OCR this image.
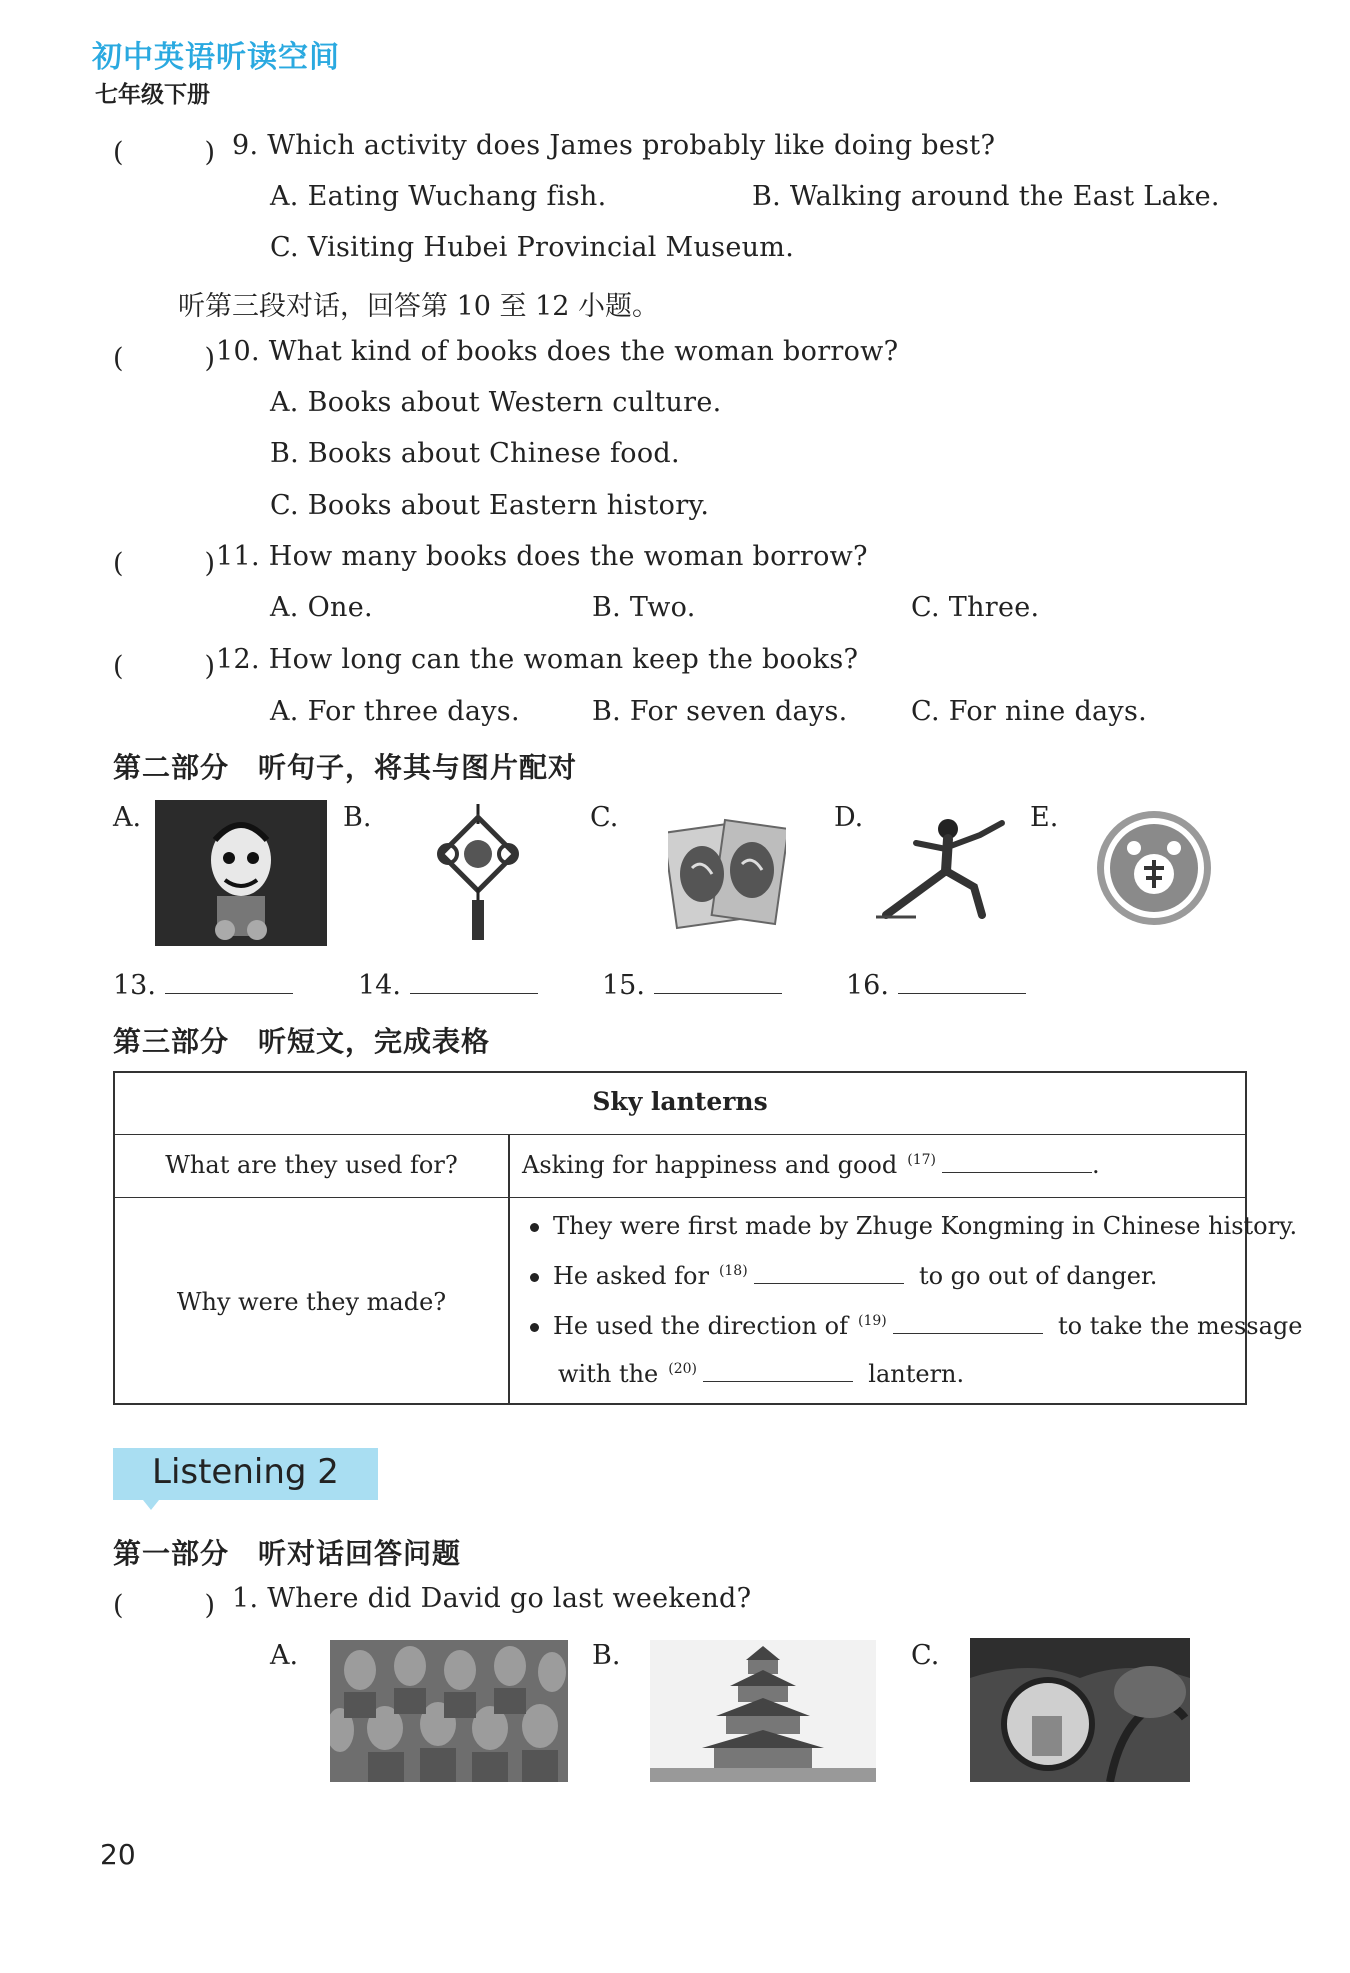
初中英语听读空间
七年级下册
(　　　) 9. Which activity does James probably like doing best?
A. Eating Wuchang fish.	B. Walking around the East Lake.
C. Visiting Hubei Provincial Museum.
听第三段对话，回答第 10 至 12 小题。
(　　　) 10. What kind of books does the woman borrow?
A. Books about Western culture.
B. Books about Chinese food.
C. Books about Eastern history.
(　　　) 11. How many books does the woman borrow?
A. One.	B. Two.	C. Three.
(　　　) 12. How long can the woman keep the books?
A. For three days.	B. For seven days. C. For nine days.
第二部分　听句子，将其与图片配对
A.	B.	C.	D.	E.
13.	14.	15.	16.
第三部分　听短文，完成表格
Sky lanterns
What are they used for?	Asking for happiness and good $^{(17)}$	.
Why were they made?
They were first made by Zhuge Kongming in Chinese history.
He asked for $^{(18)}$	to go out of danger.
He used the direction of $^{(19)}$	to take the message
with the $^{(20)}$	lantern.
Listening 2
第一部分　听对话回答问题
(　　　) 1. Where did David go last weekend?
A.	B.	C.
20
